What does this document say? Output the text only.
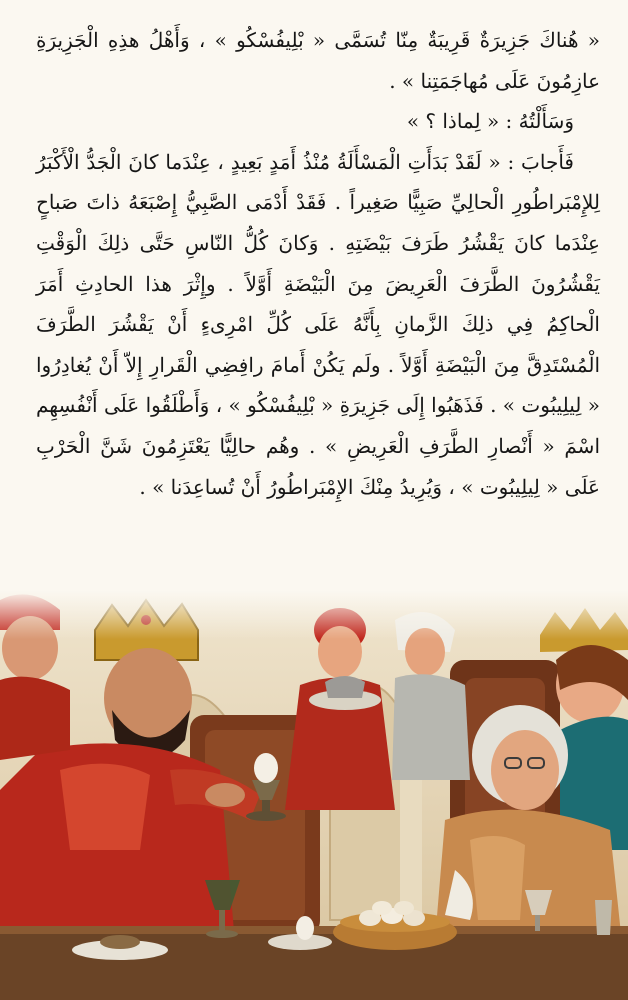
« هُناكَ جَزِيرَةٌ قَرِيبَةٌ مِنّا تُسَمَّى « بْلِيفُسْكُو » ، وَأَهْلُ هذِهِ الْجَزِيرَةِ عازِمُونَ عَلَى مُهاجَمَتِنا » .

وَسَأَلْتُهُ : « لِماذا ؟ »

فَأَجابَ : « لَقَدْ بَدَأَتِ الْمَسْأَلَةُ مُنْذُ أَمَدٍ بَعِيدٍ ، عِنْدَما كانَ الْجَدُّ الْأَكْبَرُ لِلإِمْبَراطُورِ الْحالِيِّ صَبِيًّا صَغِيراً . فَقَدْ أَدْمَى الصَّبِيُّ إِصْبَعَهُ ذاتَ صَباحٍ عِنْدَما كانَ يَقْشُرُ طَرَفَ بَيْضَتِهِ . وَكانَ كُلُّ النّاسِ حَتَّى ذلِكَ الْوَقْتِ يَقْشُرُونَ الطَّرَفَ الْعَرِيضَ مِنَ الْبَيْضَةِ أَوَّلاً . وإِثْرَ هذا الحادِثِ أَمَرَ الْحاكِمُ فِي ذلِكَ الزَّمانِ بِأَنَّهُ عَلَى كُلِّ امْرِىءٍ أَنْ يَقْشُرَ الطَّرَفَ الْمُسْتَدِقَّ مِنَ الْبَيْضَةِ أَوَّلاً . ولَم يَكُنْ أَمامَ رافِضِي الْقَرارِ إِلاّ أَنْ يُغادِرُوا « لِيلِيبُوت » . فَذَهَبُوا إِلَى جَزِيرَةِ « بْلِيفُسْكُو » ، وَأَطْلَقُوا عَلَى أَنْفُسِهِم اسْمَ « أَنْصارِ الطَّرَفِ الْعَرِيضِ » . وهُم حالِيًّا يَعْتَزِمُونَ شَنَّ الْحَرْبِ عَلَى « لِيلِيبُوت » ، وَيُرِيدُ مِنْكَ الإِمْبَراطُورُ أَنْ تُساعِدَنا » .
